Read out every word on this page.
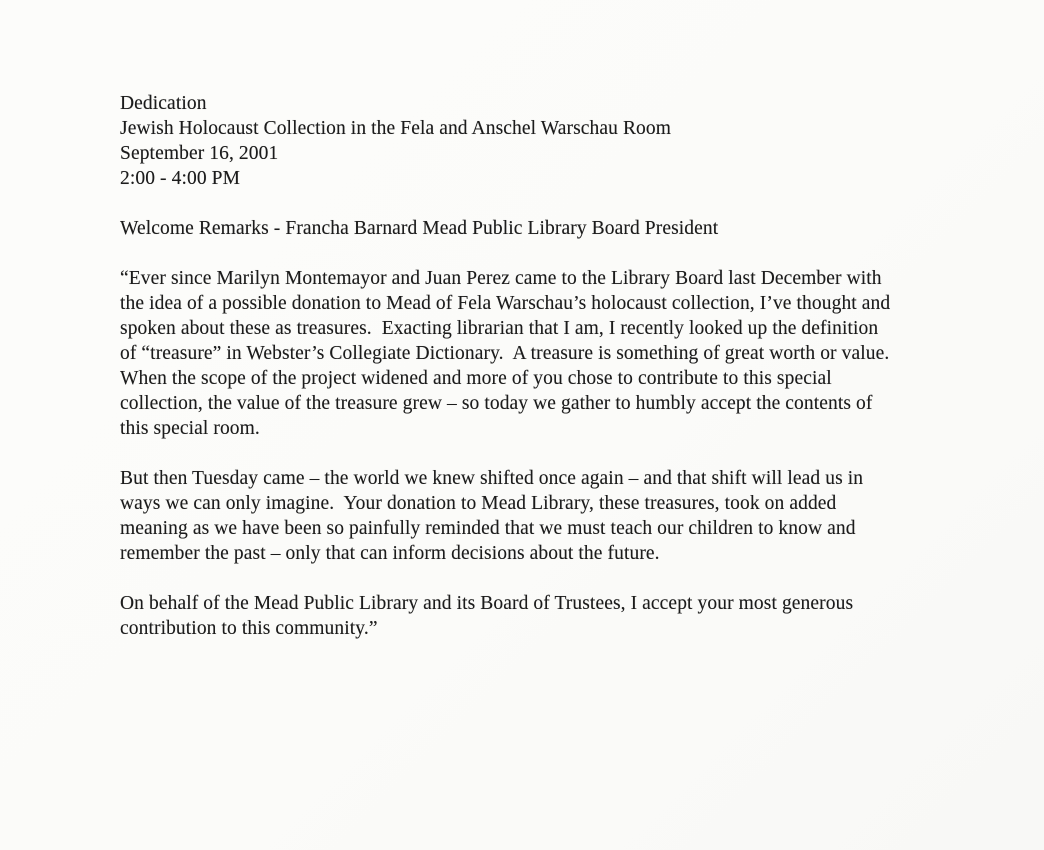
Dedication
Jewish Holocaust Collection in the Fela and Anschel Warschau Room
September 16, 2001
2:00 - 4:00 PM
Welcome Remarks - Francha Barnard Mead Public Library Board President
“Ever since Marilyn Montemayor and Juan Perez came to the Library Board last December with
the idea of a possible donation to Mead of Fela Warschau’s holocaust collection, I’ve thought and
spoken about these as treasures.  Exacting librarian that I am, I recently looked up the definition
of “treasure” in Webster’s Collegiate Dictionary.  A treasure is something of great worth or value.
When the scope of the project widened and more of you chose to contribute to this special
collection, the value of the treasure grew – so today we gather to humbly accept the contents of
this special room.
But then Tuesday came – the world we knew shifted once again – and that shift will lead us in
ways we can only imagine.  Your donation to Mead Library, these treasures, took on added
meaning as we have been so painfully reminded that we must teach our children to know and
remember the past – only that can inform decisions about the future.
On behalf of the Mead Public Library and its Board of Trustees, I accept your most generous
contribution to this community.”
